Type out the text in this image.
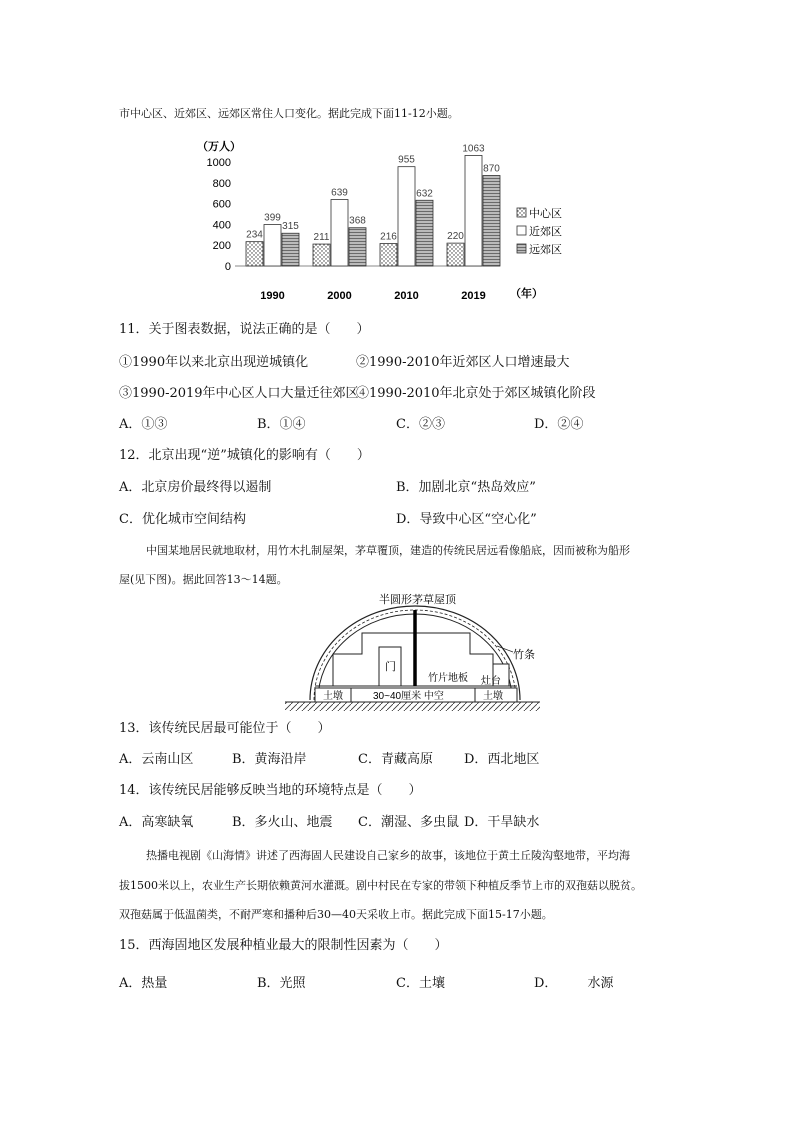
市中心区、近郊区、远郊区常住人口变化。据此完成下面11-12小题。
（万人）
0
200
400
600
800
1000
234
399
315
211
639
368
216
955
632
220
1063
870
1990	2000	2010	2019 （年）
中心区
近郊区
远郊区
11．关于图表数据，说法正确的是（　　）
①1990年以来北京出现逆城镇化	②1990-2010年近郊区人口增速最大
③1990-2019年中心区人口大量迁往郊区
④1990-2010年北京处于郊区城镇化阶段
A．①③	B．①④	C．②③	D．②④
12．北京出现“逆”城镇化的影响有（　　）
A．北京房价最终得以遏制	B．加剧北京“热岛效应”
C．优化城市空间结构	D．导致中心区“空心化”
中国某地居民就地取材，用竹木扎制屋架，茅草覆顶，建造的传统民居远看像船底，因而被称为船形
屋(见下图)。据此回答13～14题。
半圆形茅草屋顶
竹条
门
竹片地板 灶台
土墩	30~40厘米 中空	土墩
13．该传统民居最可能位于（　　）
A．云南山区	B．黄海沿岸	C．青藏高原 D．西北地区
14．该传统民居能够反映当地的环境特点是（　　）
A．高寒缺氧	B．多火山、地震 C．潮湿、多虫鼠 D．干旱缺水
热播电视剧《山海情》讲述了西海固人民建设自己家乡的故事，该地位于黄土丘陵沟壑地带，平均海
拔1500米以上，农业生产长期依赖黄河水灌溉。剧中村民在专家的带领下种植反季节上市的双孢菇以脱贫。
双孢菇属于低温菌类，不耐严寒和播种后30—40天采收上市。据此完成下面15-17小题。
15．西海固地区发展种植业最大的限制性因素为（　　）
A．热量	B．光照	C．土壤	D． 水源
